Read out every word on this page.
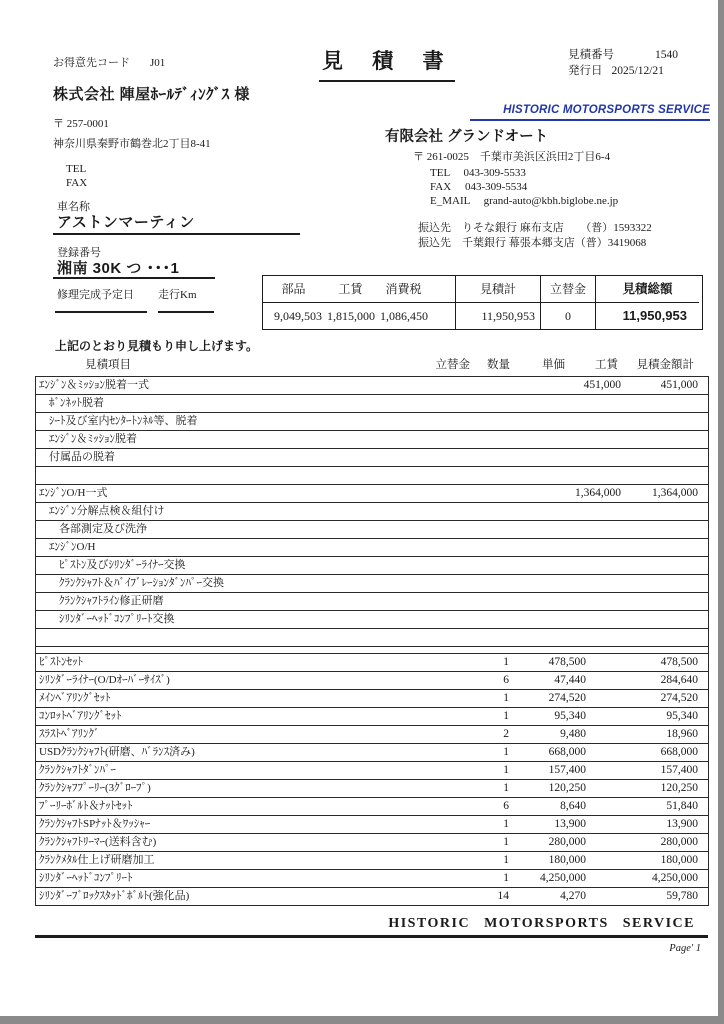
お得意先コード J01
株式会社 陣屋ﾎｰﾙﾃﾞｨﾝｸﾞｽ 様
〒 257-0001
神奈川県秦野市鶴巻北2丁目8-41
TEL
FAX
車名称
アストンマーティン
登録番号
湘南 30K つ ･･･1
修理完成予定日 走行Km
見 積 書	見積番号	1540
発行日 2025/12/21
HISTORIC MOTORSPORTS SERVICE
有限会社 グランドオート
〒 261-0025　千葉市美浜区浜田2丁目6-4
TEL　 043-309-5533
FAX　 043-309-5534
E_MAIL　 grand-auto@kbh.biglobe.ne.jp
振込先　りそな銀行 麻布支店　　（普）1593322
振込先　千葉銀行 幕張本郷支店（普）3419068
部品	工賃	消費税	見積計	立替金	見積総額
9,049,503 1,815,000 1,086,450	11,950,953	0	11,950,953
上記のとおり見積もり申し上げます。
見積項目	立替金 数量	単価	工賃 見積金額計
ｴﾝｼﾞﾝ＆ﾐｯｼｮﾝ脱着一式	451,000	451,000
ﾎﾞﾝﾈｯﾄ脱着
ｼｰﾄ及び室内ｾﾝﾀｰﾄﾝﾈﾙ等、脱着
ｴﾝｼﾞﾝ＆ﾐｯｼｮﾝ脱着
付属品の脱着
ｴﾝｼﾞﾝO/H一式	1,364,000	1,364,000
ｴﾝｼﾞﾝ分解点検＆組付け
各部測定及び洗浄
ｴﾝｼﾞﾝO/H
ﾋﾟｽﾄﾝ及びｼﾘﾝﾀﾞｰﾗｲﾅｰ交換
ｸﾗﾝｸｼｬﾌﾄ＆ﾊﾞｲﾌﾞﾚｰｼｮﾝﾀﾞﾝﾊﾟｰ交換
ｸﾗﾝｸｼｬﾌﾄﾗｲﾝ修正研磨
ｼﾘﾝﾀﾞｰﾍｯﾄﾞｺﾝﾌﾟﾘｰﾄ交換
ﾋﾟｽﾄﾝｾｯﾄ	1	478,500	478,500
ｼﾘﾝﾀﾞｰﾗｲﾅｰ(O/Dｵｰﾊﾞｰｻｲｽﾞ)	6	47,440	284,640
ﾒｲﾝﾍﾞｱﾘﾝｸﾞｾｯﾄ	1	274,520	274,520
ｺﾝﾛｯﾄﾍﾞｱﾘﾝｸﾞｾｯﾄ	1	95,340	95,340
ｽﾗｽﾄﾍﾞｱﾘﾝｸﾞ	2	9,480	18,960
USDｸﾗﾝｸｼｬﾌﾄ(研磨、ﾊﾞﾗﾝｽ済み)	1	668,000	668,000
ｸﾗﾝｸｼｬﾌﾄﾀﾞﾝﾊﾟｰ	1	157,400	157,400
ｸﾗﾝｸｼｬﾌﾌﾟｰﾘｰ(3ｸﾞﾛｰﾌﾟ)	1	120,250	120,250
ﾌﾟｰﾘｰﾎﾞﾙﾄ＆ﾅｯﾄｾｯﾄ	6	8,640	51,840
ｸﾗﾝｸｼｬﾌﾄSPﾅｯﾄ＆ﾜｯｼｬｰ	1	13,900	13,900
ｸﾗﾝｸｼｬﾌﾄﾘｰﾏｰ(送料含む)	1	280,000	280,000
ｸﾗﾝｸﾒﾀﾙ仕上げ研磨加工	1	180,000	180,000
ｼﾘﾝﾀﾞｰﾍｯﾄﾞｺﾝﾌﾟﾘｰﾄ	1	4,250,000	4,250,000
ｼﾘﾝﾀﾞｰﾌﾞﾛｯｸｽﾀｯﾄﾞﾎﾞﾙﾄ(強化品)	14	4,270	59,780
HISTORIC MOTORSPORTS SERVICE
Page' 1
